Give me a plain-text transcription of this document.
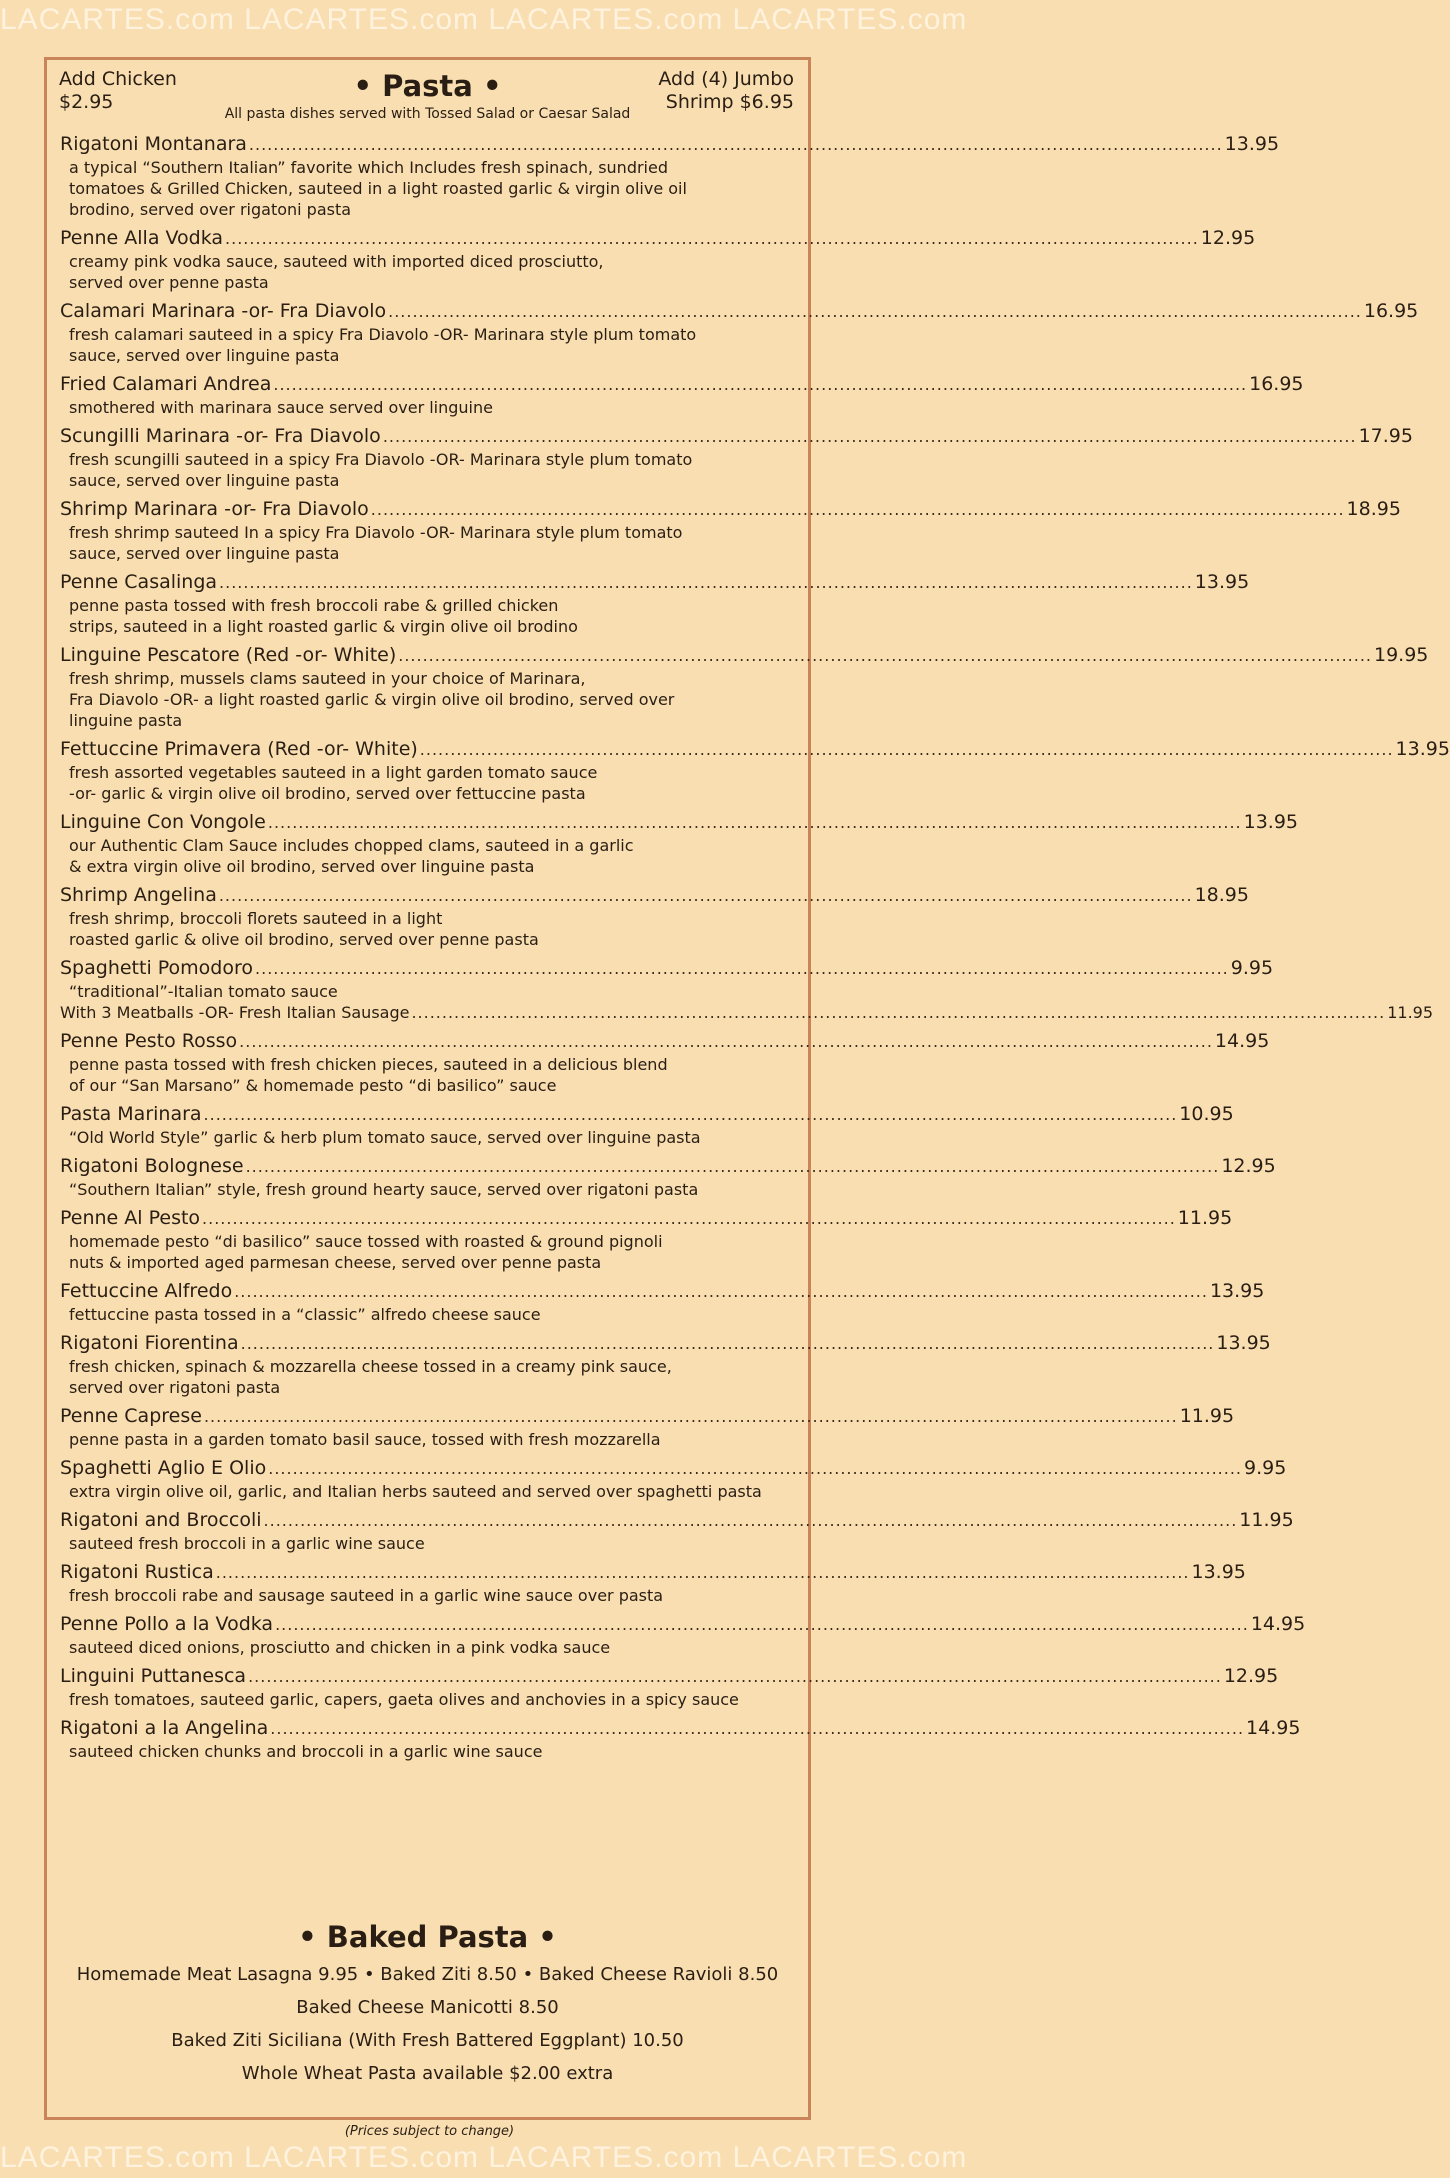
LACARTES.com LACARTES.com LACARTES.com LACARTES.com
Add Chicken
$2.95
Add (4) Jumbo
Shrimp $6.95
• Pasta •
All pasta dishes served with Tossed Salad or Caesar Salad
Rigatoni Montanara ................................................................................................................................................................ 13.95
a typical “Southern Italian” favorite which Includes fresh spinach, sundried
tomatoes & Grilled Chicken, sauteed in a light roasted garlic & virgin olive oil
brodino, served over rigatoni pasta
Penne Alla Vodka ................................................................................................................................................................ 12.95
creamy pink vodka sauce, sauteed with imported diced prosciutto,
served over penne pasta
Calamari Marinara -or- Fra Diavolo ................................................................................................................................................................ 16.95
fresh calamari sauteed in a spicy Fra Diavolo -OR- Marinara style plum tomato
sauce, served over linguine pasta
Fried Calamari Andrea ................................................................................................................................................................ 16.95
smothered with marinara sauce served over linguine
Scungilli Marinara -or- Fra Diavolo ................................................................................................................................................................ 17.95
fresh scungilli sauteed in a spicy Fra Diavolo -OR- Marinara style plum tomato
sauce, served over linguine pasta
Shrimp Marinara -or- Fra Diavolo ................................................................................................................................................................ 18.95
fresh shrimp sauteed In a spicy Fra Diavolo -OR- Marinara style plum tomato
sauce, served over linguine pasta
Penne Casalinga ................................................................................................................................................................ 13.95
penne pasta tossed with fresh broccoli rabe & grilled chicken
strips, sauteed in a light roasted garlic & virgin olive oil brodino
Linguine Pescatore (Red -or- White) ................................................................................................................................................................ 19.95
fresh shrimp, mussels clams sauteed in your choice of Marinara,
Fra Diavolo -OR- a light roasted garlic & virgin olive oil brodino, served over
linguine pasta
Fettuccine Primavera (Red -or- White) ................................................................................................................................................................ 13.95
fresh assorted vegetables sauteed in a light garden tomato sauce
-or- garlic & virgin olive oil brodino, served over fettuccine pasta
Linguine Con Vongole ................................................................................................................................................................ 13.95
our Authentic Clam Sauce includes chopped clams, sauteed in a garlic
& extra virgin olive oil brodino, served over linguine pasta
Shrimp Angelina ................................................................................................................................................................ 18.95
fresh shrimp, broccoli florets sauteed in a light
roasted garlic & olive oil brodino, served over penne pasta
Spaghetti Pomodoro ................................................................................................................................................................ 9.95
“traditional”-Italian tomato sauce
With 3 Meatballs -OR- Fresh Italian Sausage ................................................................................................................................................................ 11.95
Penne Pesto Rosso ................................................................................................................................................................ 14.95
penne pasta tossed with fresh chicken pieces, sauteed in a delicious blend
of our “San Marsano” & homemade pesto “di basilico” sauce
Pasta Marinara ................................................................................................................................................................ 10.95
“Old World Style” garlic & herb plum tomato sauce, served over linguine pasta
Rigatoni Bolognese ................................................................................................................................................................ 12.95
“Southern Italian” style, fresh ground hearty sauce, served over rigatoni pasta
Penne Al Pesto ................................................................................................................................................................ 11.95
homemade pesto “di basilico” sauce tossed with roasted & ground pignoli
nuts & imported aged parmesan cheese, served over penne pasta
Fettuccine Alfredo ................................................................................................................................................................ 13.95
fettuccine pasta tossed in a “classic” alfredo cheese sauce
Rigatoni Fiorentina ................................................................................................................................................................ 13.95
fresh chicken, spinach & mozzarella cheese tossed in a creamy pink sauce,
served over rigatoni pasta
Penne Caprese ................................................................................................................................................................ 11.95
penne pasta in a garden tomato basil sauce, tossed with fresh mozzarella
Spaghetti Aglio E Olio ................................................................................................................................................................ 9.95
extra virgin olive oil, garlic, and Italian herbs sauteed and served over spaghetti pasta
Rigatoni and Broccoli ................................................................................................................................................................ 11.95
sauteed fresh broccoli in a garlic wine sauce
Rigatoni Rustica ................................................................................................................................................................ 13.95
fresh broccoli rabe and sausage sauteed in a garlic wine sauce over pasta
Penne Pollo a la Vodka ................................................................................................................................................................ 14.95
sauteed diced onions, prosciutto and chicken in a pink vodka sauce
Linguini Puttanesca ................................................................................................................................................................ 12.95
fresh tomatoes, sauteed garlic, capers, gaeta olives and anchovies in a spicy sauce
Rigatoni a la Angelina ................................................................................................................................................................ 14.95
sauteed chicken chunks and broccoli in a garlic wine sauce
• Baked Pasta •
Homemade Meat Lasagna 9.95 • Baked Ziti 8.50 • Baked Cheese Ravioli 8.50
Baked Cheese Manicotti 8.50
Baked Ziti Siciliana (With Fresh Battered Eggplant) 10.50
Whole Wheat Pasta available $2.00 extra
(Prices subject to change)
LACARTES.com LACARTES.com LACARTES.com LACARTES.com
